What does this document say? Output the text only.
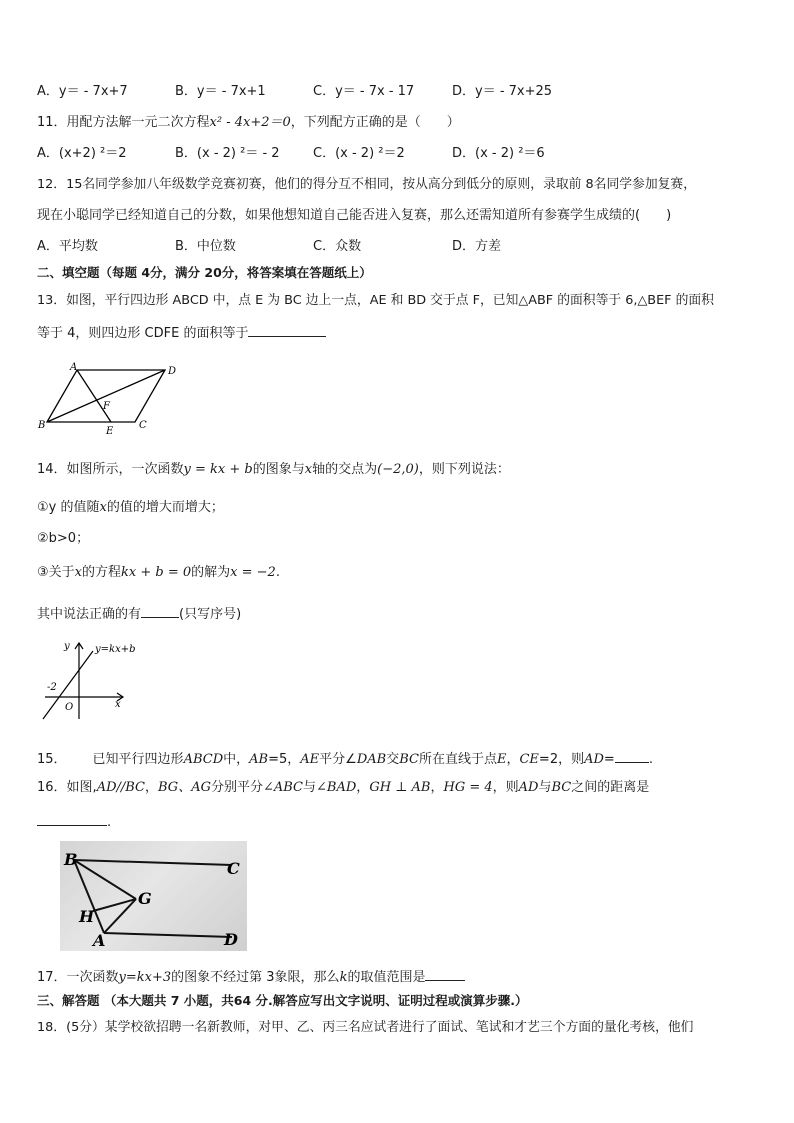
A．y＝ - 7x+7	B．y＝ - 7x+1	C．y＝ - 7x - 17	D．y＝ - 7x+25
11．用配方法解一元二次方程x² - 4x+2＝0，下列配方正确的是（　　）
A．(x+2) ²＝2	B．(x - 2) ²＝ - 2	C．(x - 2) ²＝2	D．(x - 2) ²＝6
12．15名同学参加八年级数学竞赛初赛，他们的得分互不相同，按从高分到低分的原则，录取前 8名同学参加复赛，
现在小聪同学已经知道自己的分数，如果他想知道自己能否进入复赛，那么还需知道所有参赛学生成绩的(　　)
A．平均数	B．中位数	C．众数	D．方差
二、填空题（每题 4分，满分 20分，将答案填在答题纸上）
13．如图，平行四边形 ABCD 中，点 E 为 BC 边上一点，AE 和 BD 交于点 F，已知△ABF 的面积等于 6,△BEF 的面积
等于 4，则四边形 CDFE 的面积等于
A	D
B
E
C
F
14．如图所示，一次函数y = kx + b的图象与x轴的交点为(−2,0)，则下列说法：
①y 的值随x的值的增大而增大；
②b>0；
③关于x的方程kx + b = 0的解为x = −2.
其中说法正确的有	(只写序号)
y	y=kx+b
-2
O	x
15． 已知平行四边形ABCD中，AB=5，AE平分∠DAB交BC所在直线于点E，CE=2，则AD=	.
16．如图,AD//BC，BG、AG分别平分∠ABC与∠BAD，GH ⊥ AB，HG = 4，则AD与BC之间的距离是
.
B	C
G
H
A	D
17．一次函数y=kx+3的图象不经过第 3象限，那么k的取值范围是
三、解答题 （本大题共 7 小题，共64 分.解答应写出文字说明、证明过程或演算步骤.）
18．(5分）某学校欲招聘一名新教师，对甲、乙、丙三名应试者进行了面试、笔试和才艺三个方面的量化考核，他们
